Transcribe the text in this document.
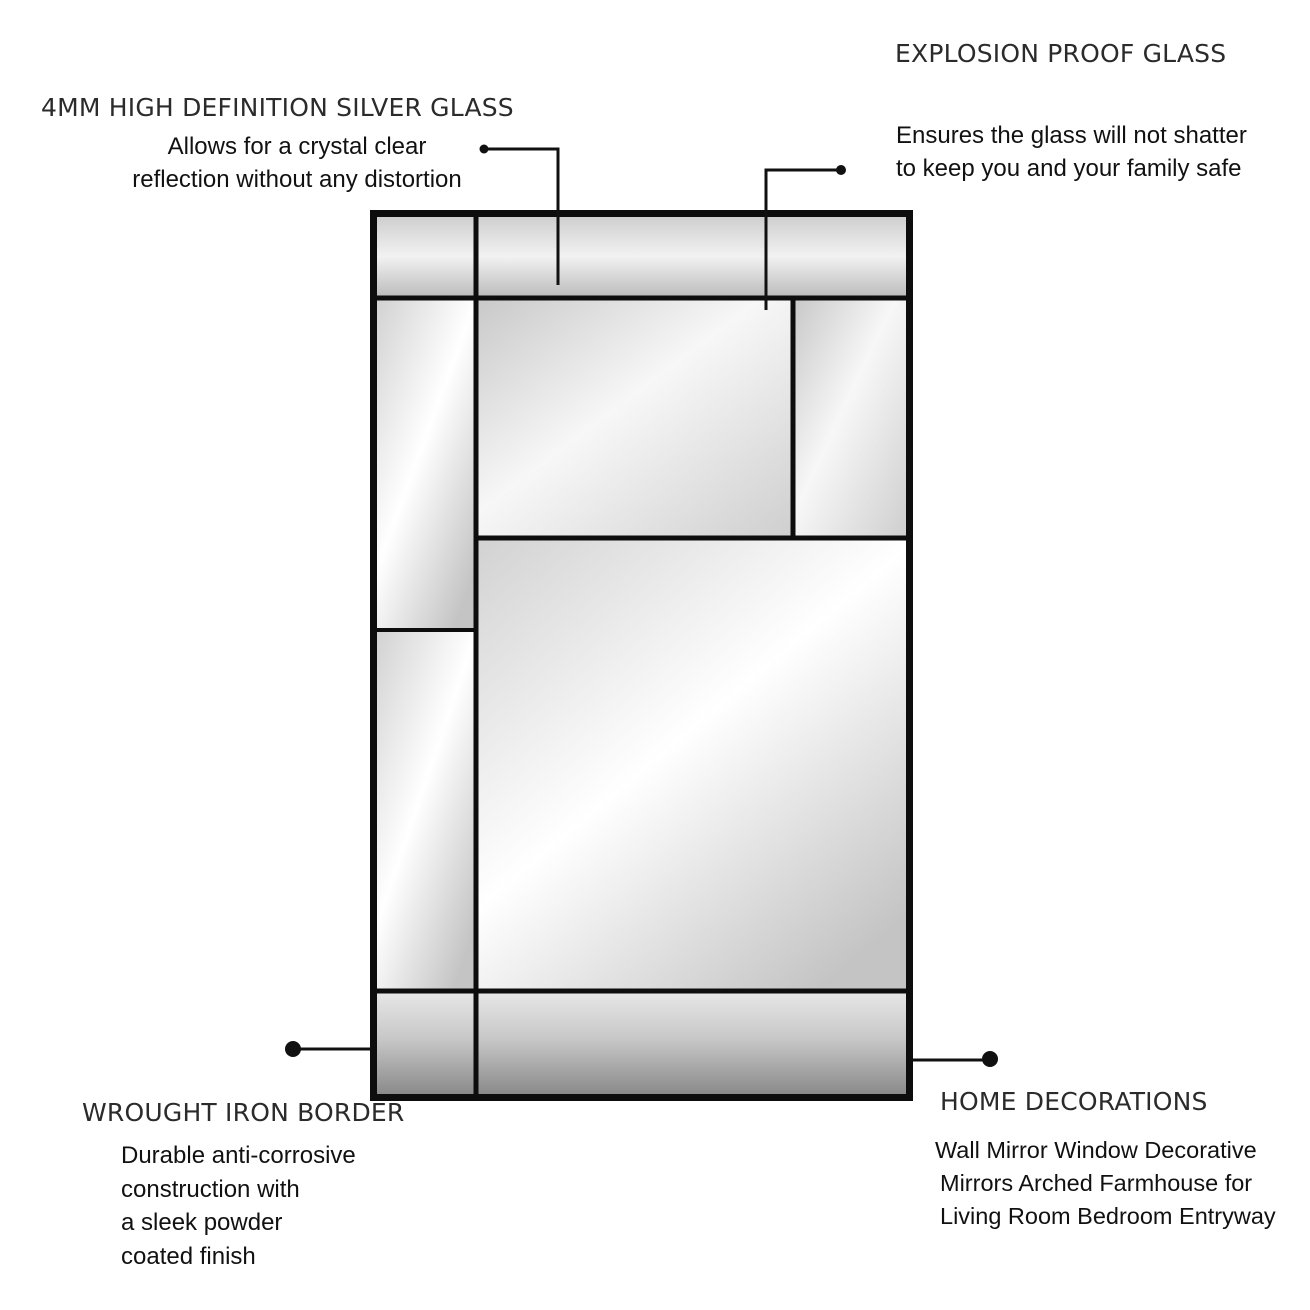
4MM HIGH DEFINITION SILVER GLASS
Allows for a crystal clear
reflection without any distortion
EXPLOSION PROOF GLASS
Ensures the glass will not shatter
to keep you and your family safe
WROUGHT IRON BORDER
Durable anti-corrosive
construction with
a sleek powder
coated finish
HOME DECORATIONS
Wall Mirror Window Decorative
Mirrors Arched Farmhouse for
Living Room Bedroom Entryway
